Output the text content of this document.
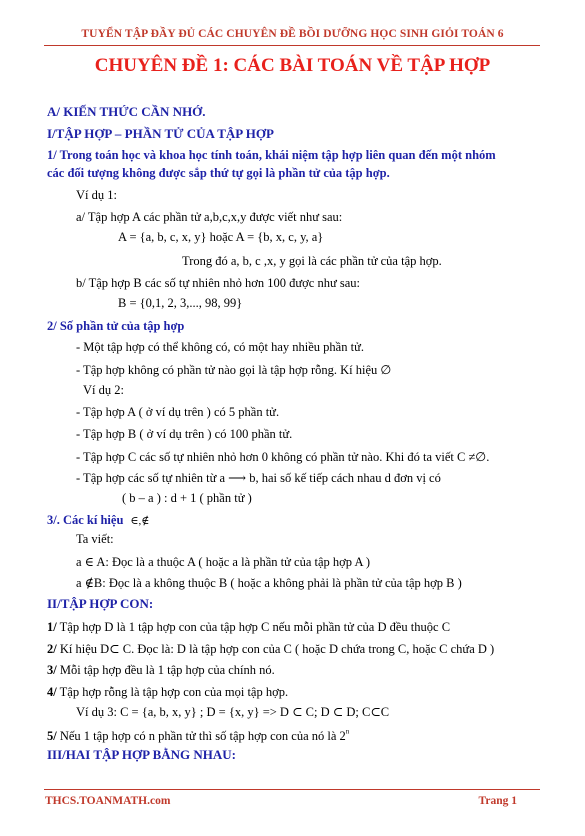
TUYỂN TẬP ĐẦY ĐỦ CÁC CHUYÊN ĐỀ BỒI DƯỠNG HỌC SINH GIỎI TOÁN 6
CHUYÊN ĐỀ 1: CÁC BÀI TOÁN VỀ TẬP HỢP
A/ KIẾN THỨC CẦN NHỚ.
I/TẬP HỢP – PHẦN TỬ CỦA TẬP HỢP
1/ Trong toán học và khoa học tính toán, khái niệm tập hợp liên quan đến một nhóm
các đối tượng không được sắp thứ tự gọi là phần tử của tập hợp.
Ví dụ 1:
a/ Tập hợp A các phần tử a,b,c,x,y được viết như sau:
A = {a, b, c, x, y} hoặc A = {b, x, c, y, a}
Trong đó a, b, c ,x, y gọi là các phần tử của tập hợp.
b/ Tập hợp B các số tự nhiên nhỏ hơn 100 được như sau:
B = {0,1, 2, 3,..., 98, 99}
2/ Số phần tử của tập hợp
- Một tập hợp có thể không có, có một hay nhiều phần tử.
- Tập hợp không có phần tử nào gọi là tập hợp rỗng. Kí hiệu ∅
Ví dụ 2:
- Tập hợp A ( ở ví dụ trên ) có 5 phần tử.
- Tập hợp B ( ở ví dụ trên ) có 100 phần tử.
- Tập hợp C các số tự nhiên nhỏ hơn 0 không có phần tử nào. Khi đó ta viết C ≠∅.
- Tập hợp các số tự nhiên từ a ⟶ b, hai số kế tiếp cách nhau d đơn vị có
( b – a ) : d + 1 ( phần tử )
3/. Các kí hiệu ∈,∉
Ta viết:
a ∈ A: Đọc là a thuộc A ( hoặc a là phần tử của tập hợp A )
a ∉B: Đọc là a không thuộc B ( hoặc a không phải là phần tử của tập hợp B )
II/TẬP HỢP CON:
1/ Tập hợp D là 1 tập hợp con của tập hợp C nếu mỗi phần tử của D đều thuộc C
2/ Kí hiệu D⊂ C. Đọc là: D là tập hợp con của C ( hoặc D chứa trong C, hoặc C chứa D )
3/ Mỗi tập hợp đều là 1 tập hợp của chính nó.
4/ Tập hợp rỗng là tập hợp con của mọi tập hợp.
Ví dụ 3: C = {a, b, x, y} ; D = {x, y} => D ⊂ C; D ⊂ D; C⊂C
5/ Nếu 1 tập hợp có n phần tử thì số tập hợp con của nó là 2$^n$
III/HAI TẬP HỢP BẰNG NHAU:
THCS.TOANMATH.com	Trang 1
